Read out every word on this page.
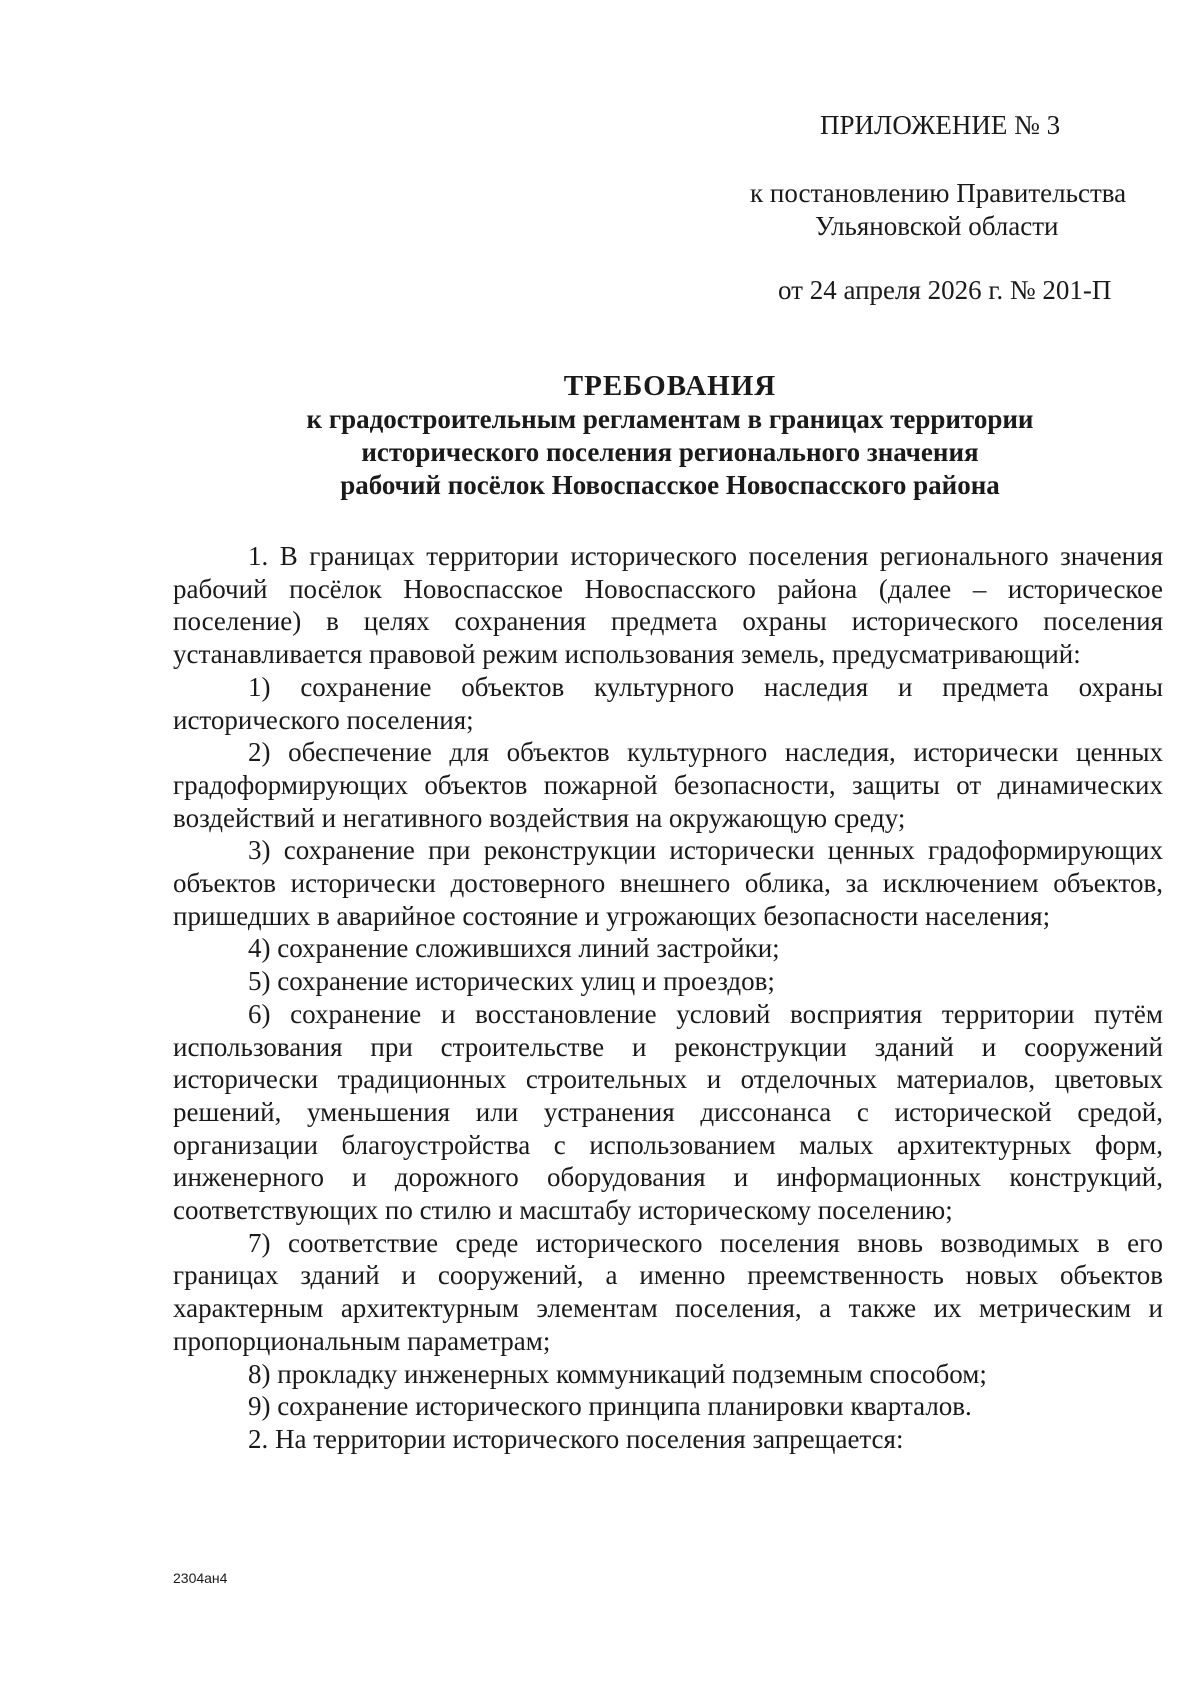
ПРИЛОЖЕНИЕ № 3
к постановлению Правительства
Ульяновской области
от 24 апреля 2026 г. № 201-П
ТРЕБОВАНИЯ
к градостроительным регламентам в границах территории
исторического поселения регионального значения
рабочий посёлок Новоспасское Новоспасского района

1. В границах территории исторического поселения регионального значения рабочий посёлок Новоспасское Новоспасского района (далее – историческое поселение) в целях сохранения предмета охраны исторического поселения устанавливается правовой режим использования земель, предусматривающий:

1) сохранение объектов культурного наследия и предмета охраны исторического поселения;

2) обеспечение для объектов культурного наследия, исторически ценных градоформирующих объектов пожарной безопасности, защиты от динамических воздействий и негативного воздействия на окружающую среду;

3) сохранение при реконструкции исторически ценных градоформирующих объектов исторически достоверного внешнего облика, за исключением объектов, пришедших в аварийное состояние и угрожающих безопасности населения;

4) сохранение сложившихся линий застройки;

5) сохранение исторических улиц и проездов;

6) сохранение и восстановление условий восприятия территории путём использования при строительстве и реконструкции зданий и сооружений исторически традиционных строительных и отделочных материалов, цветовых решений, уменьшения или устранения диссонанса с исторической средой, организации благоустройства с использованием малых архитектурных форм, инженерного и дорожного оборудования и информационных конструкций, соответствующих по стилю и масштабу историческому поселению;

7) соответствие среде исторического поселения вновь возводимых в его границах зданий и сооружений, а именно преемственность новых объектов характерным архитектурным элементам поселения, а также их метрическим и пропорциональным параметрам;

8) прокладку инженерных коммуникаций подземным способом;

9) сохранение исторического принципа планировки кварталов.

2. На территории исторического поселения запрещается:

2304ан4
